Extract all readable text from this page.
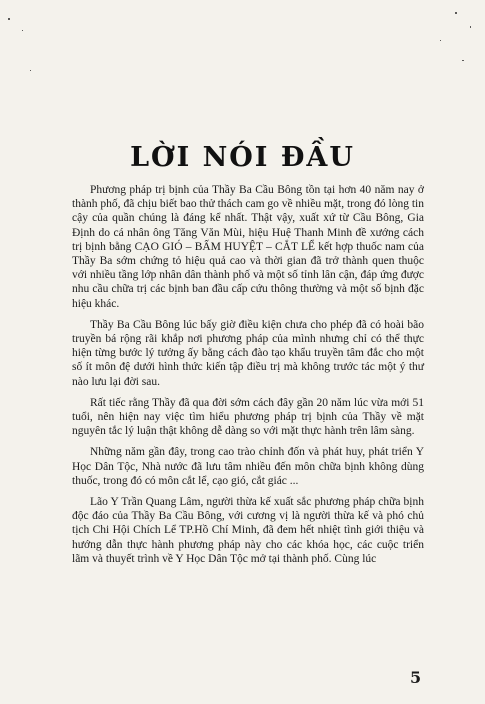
LỜI NÓI ĐẦU

Phương pháp trị bịnh của Thầy Ba Cầu Bông tồn tại hơn 40 năm nay ở thành phố, đã chịu biết bao thử thách cam go về nhiều mặt, trong đó lòng tin cậy của quần chúng là đáng kể nhất. Thật vậy, xuất xứ từ Cầu Bông, Gia Định do cá nhân ông Tăng Văn Mùi, hiệu Huệ Thanh Minh đề xướng cách trị bịnh bằng CẠO GIÓ – BẤM HUYỆT – CẮT LỂ kết hợp thuốc nam của Thầy Ba sớm chứng tỏ hiệu quả cao và thời gian đã trở thành quen thuộc với nhiều tầng lớp nhân dân thành phố và một số tỉnh lân cận, đáp ứng được nhu cầu chữa trị các bịnh ban đầu cấp cứu thông thường và một số bịnh đặc hiệu khác.

Thầy Ba Cầu Bông lúc bấy giờ điều kiện chưa cho phép đã có hoài bão truyền bá rộng rãi khắp nơi phương pháp của mình nhưng chỉ có thể thực hiện từng bước lý tưởng ấy bằng cách đào tạo khẩu truyền tâm đắc cho một số ít môn đệ dưới hình thức kiến tập điều trị mà không trước tác một ý thư nào lưu lại đời sau.

Rất tiếc rằng Thầy đã qua đời sớm cách đây gần 20 năm lúc vừa mới 51 tuổi, nên hiện nay việc tìm hiểu phương pháp trị bịnh của Thầy về mặt nguyên tắc lý luận thật không dễ dàng so với mặt thực hành trên lâm sàng.

Những năm gần đây, trong cao trào chỉnh đốn và phát huy, phát triển Y Học Dân Tộc, Nhà nước đã lưu tâm nhiều đến môn chữa bịnh không dùng thuốc, trong đó có môn cắt lể, cạo gió, cắt giác ...

Lão Y Trần Quang Lâm, người thừa kế xuất sắc phương pháp chữa bịnh độc đáo của Thầy Ba Cầu Bông, với cương vị là người thừa kế và phó chủ tịch Chi Hội Chích Lể TP.Hồ Chí Minh, đã đem hết nhiệt tình giới thiệu và hướng dẫn thực hành phương pháp này cho các khóa học, các cuộc triển lãm và thuyết trình về Y Học Dân Tộc mở tại thành phố. Cùng lúc

5
